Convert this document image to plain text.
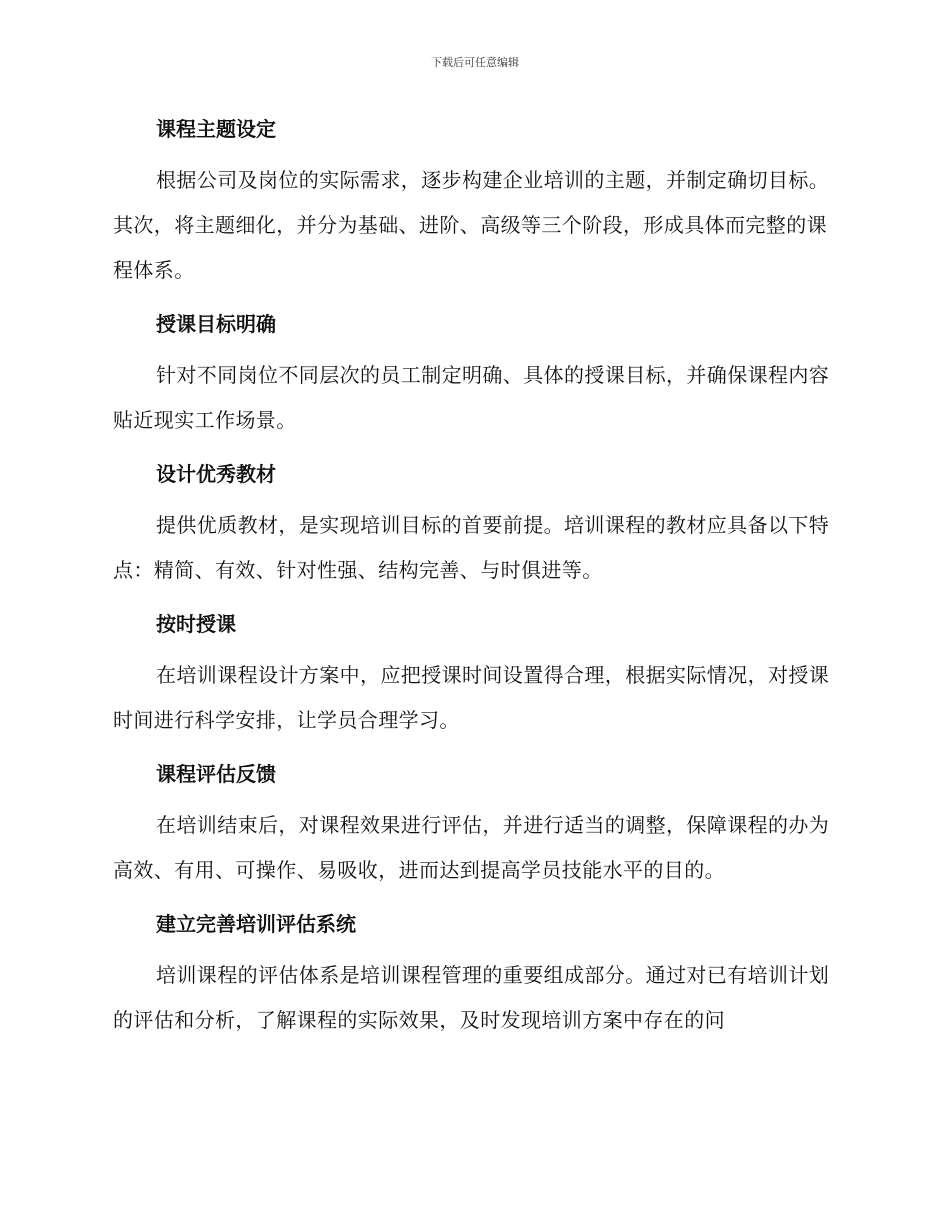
下载后可任意编辑

课程主题设定

根据公司及岗位的实际需求，逐步构建企业培训的主题，并制定确切目标。其次，将主题细化，并分为基础、进阶、高级等三个阶段，形成具体而完整的课程体系。

授课目标明确

针对不同岗位不同层次的员工制定明确、具体的授课目标，并确保课程内容贴近现实工作场景。

设计优秀教材

提供优质教材，是实现培训目标的首要前提。培训课程的教材应具备以下特点：精简、有效、针对性强、结构完善、与时俱进等。

按时授课

在培训课程设计方案中，应把授课时间设置得合理，根据实际情况，对授课时间进行科学安排，让学员合理学习。

课程评估反馈

在培训结束后，对课程效果进行评估，并进行适当的调整，保障课程的办为高效、有用、可操作、易吸收，进而达到提高学员技能水平的目的。

建立完善培训评估系统

培训课程的评估体系是培训课程管理的重要组成部分。通过对已有培训计划的评估和分析，了解课程的实际效果，及时发现培训方案中存在的问
